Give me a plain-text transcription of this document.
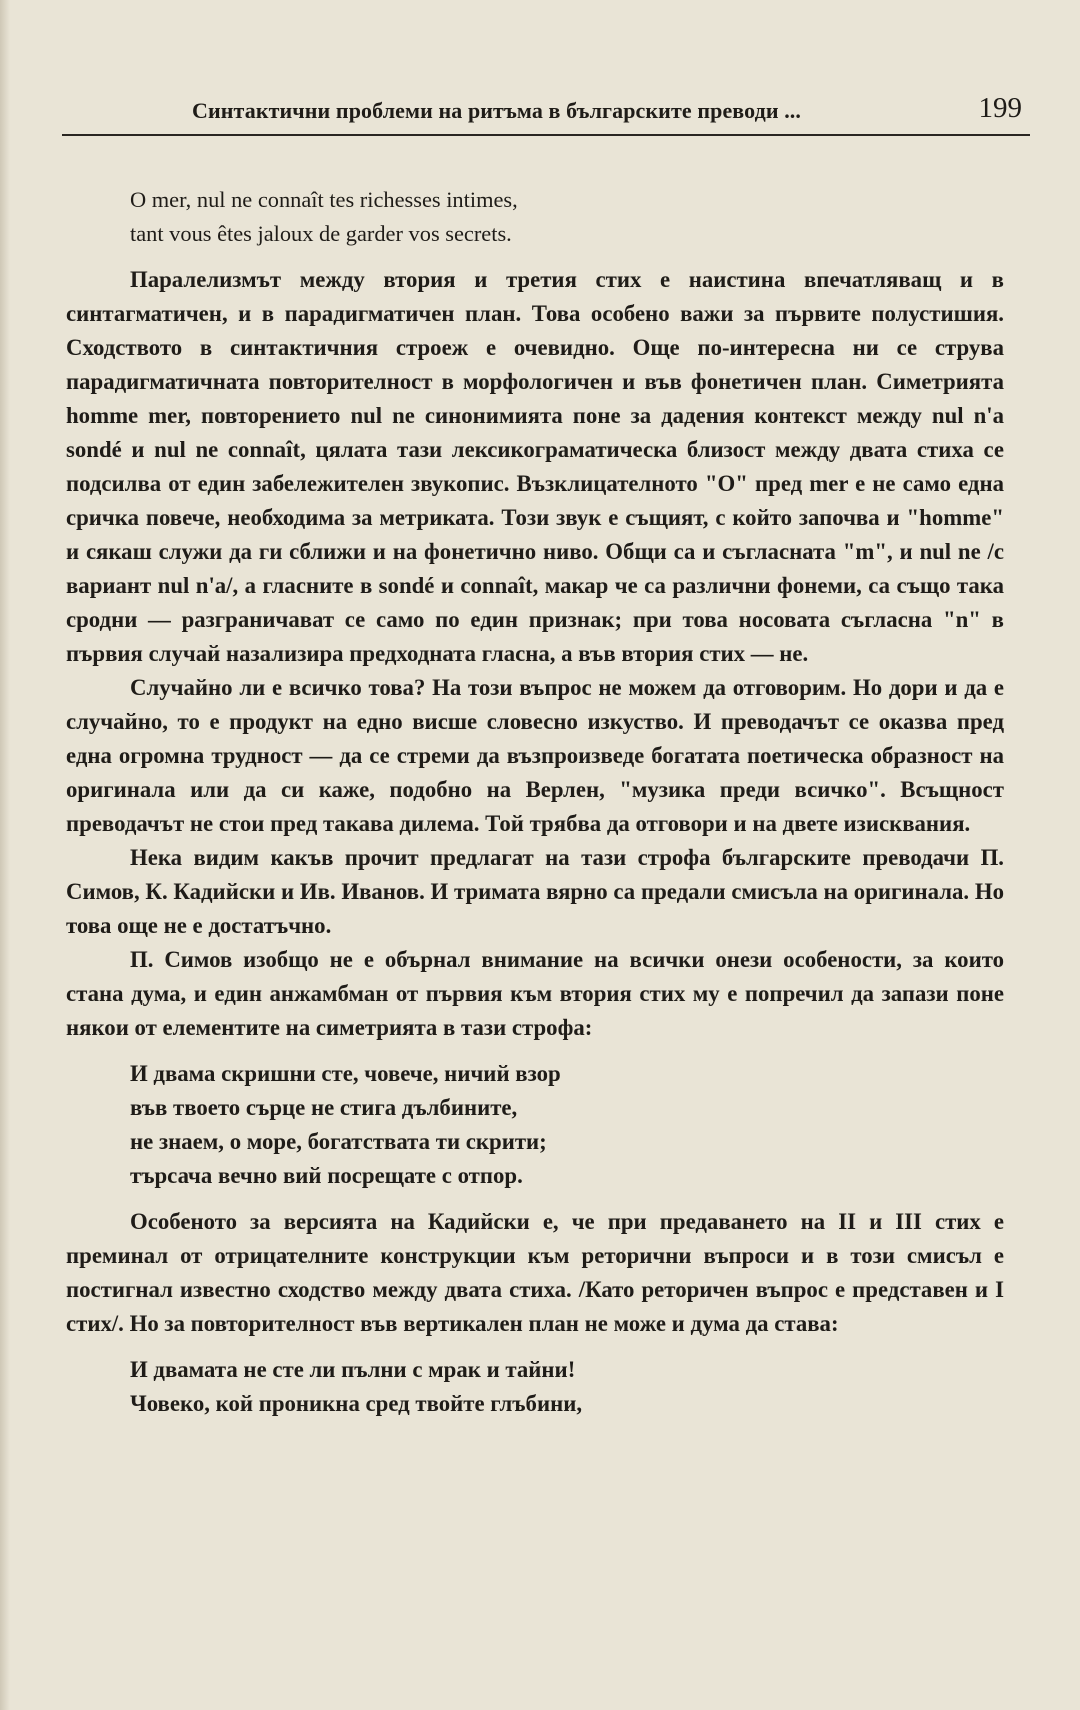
Синтактични проблеми на ритъма в българските преводи ...	199
O mer, nul ne connaît tes richesses intimes,
tant vous êtes jaloux de garder vos secrets.

Паралелизмът между втория и третия стих е наистина впечатляващ и в синтагматичен, и в парадигматичен план. Това особено важи за първите полустишия. Сходството в синтактичния строеж е очевидно. Още по-интересна ни се струва парадигматичната повторителност в морфологичен и във фонетичен план. Симетрията homme mer, повторението nul ne синонимията поне за дадения контекст между nul n'a sondé и nul ne connaît, цялата тази лексикограматическа близост между двата стиха се подсилва от един забележителен звукопис. Възклицателното "О" пред mer е не само една сричка повече, необходима за метриката. Този звук е същият, с който започва и "homme" и сякаш служи да ги сближи и на фонетично ниво. Общи са и съгласната "m", и nul ne /с вариант nul n'a/, а гласните в sondé и connaît, макар че са различни фонеми, са също така сродни — разграничават се само по един признак; при това носовата съгласна "n" в първия случай назализира предходната гласна, а във втория стих — не.

Случайно ли е всичко това? На този въпрос не можем да отговорим. Но дори и да е случайно, то е продукт на едно висше словесно изкуство. И преводачът се оказва пред една огромна трудност — да се стреми да възпроизведе богатата поетическа образност на оригинала или да си каже, подобно на Верлен, "музика преди всичко". Всъщност преводачът не стои пред такава дилема. Той трябва да отговори и на двете изисквания.

Нека видим какъв прочит предлагат на тази строфа българските преводачи П. Симов, К. Кадийски и Ив. Иванов. И тримата вярно са предали смисъла на оригинала. Но това още не е достатъчно.

П. Симов изобщо не е обърнал внимание на всички онези особености, за които стана дума, и един анжамбман от първия към втория стих му е попречил да запази поне някои от елементите на симетрията в тази строфа:

И двама скришни сте, човече, ничий взор
във твоето сърце не стига дълбините,
не знаем, о море, богатствата ти скрити;
търсача вечно вий посрещате с отпор.

Особеното за версията на Кадийски е, че при предаването на II и III стих е преминал от отрицателните конструкции към реторични въпроси и в този смисъл е постигнал известно сходство между двата стиха. /Като реторичен въпрос е представен и I стих/. Но за повторителност във вертикален план не може и дума да става:

И двамата не сте ли пълни с мрак и тайни!
Човеко, кой проникна сред твойте глъбини,
